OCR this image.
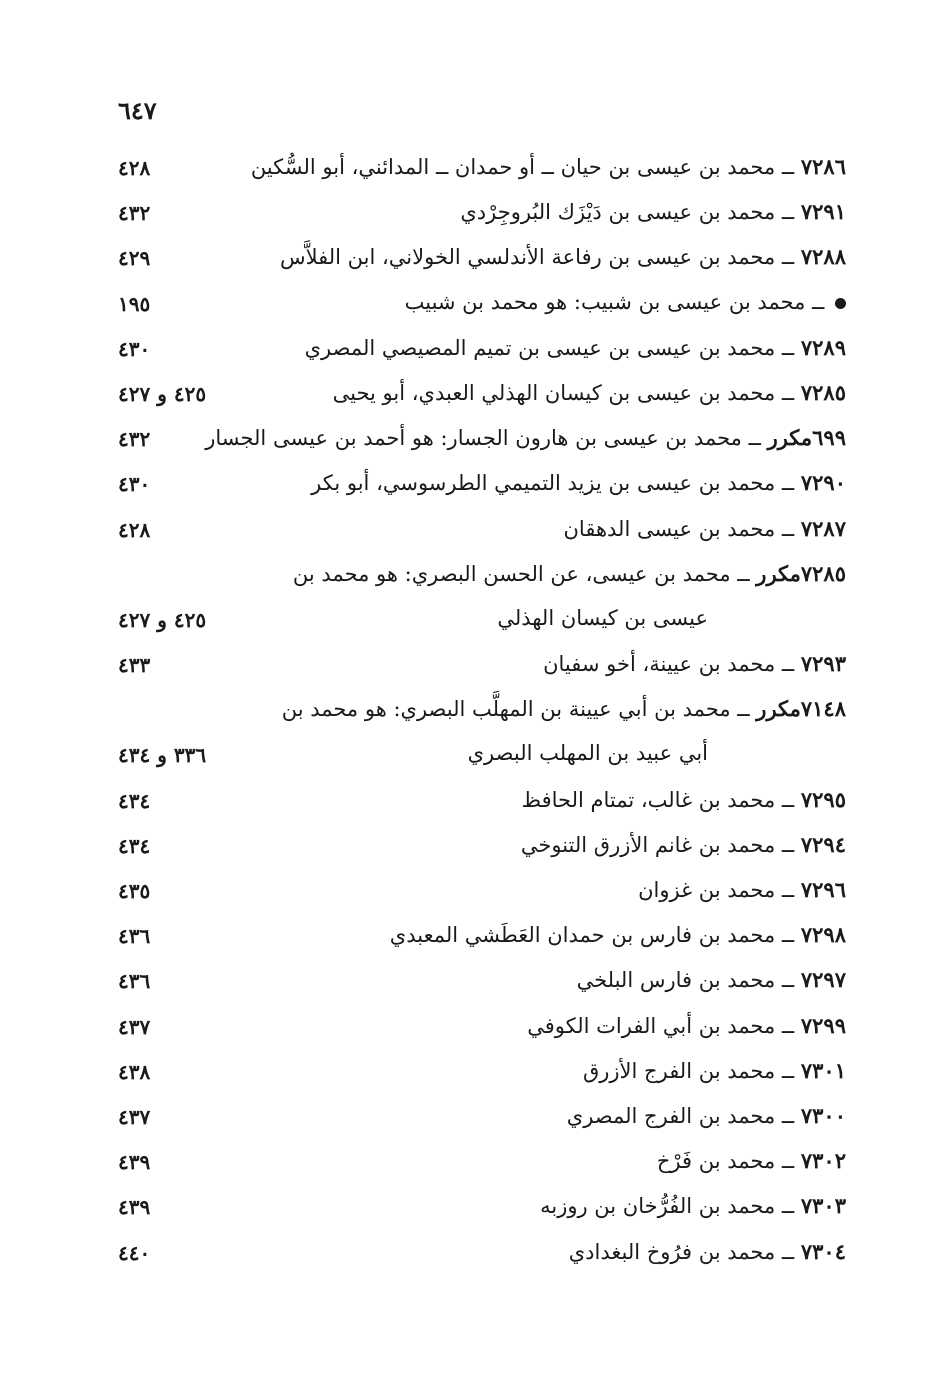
٦٤٧
٧٢٨٦ ــ محمد بن عيسى بن حيان ــ أو حمدان ــ المدائني، أبو السُّكين
٤٢٨
٧٢٩١ ــ محمد بن عيسى بن دَيْزَك البُروجِرْدي
٤٣٢
٧٢٨٨ ــ محمد بن عيسى بن رفاعة الأندلسي الخولاني، ابن الفلاَّس
٤٢٩
ــ محمد بن عيسى بن شبيب: هو محمد بن شبيب
١٩٥
٧٢٨٩ ــ محمد بن عيسى بن عيسى بن تميم المصيصي المصري
٤٣٠
٧٢٨٥ ــ محمد بن عيسى بن كيسان الهذلي العبدي، أبو يحيى
٤٢٥ و ٤٢٧
٦٩٩مكرر ــ محمد بن عيسى بن هارون الجسار: هو أحمد بن عيسى الجسار
٤٣٢
٧٢٩٠ ــ محمد بن عيسى بن يزيد التميمي الطرسوسي، أبو بكر
٤٣٠
٧٢٨٧ ــ محمد بن عيسى الدهقان
٤٢٨
٧٢٨٥مكرر ــ محمد بن عيسى، عن الحسن البصري: هو محمد بن
عيسى بن كيسان الهذلي
٤٢٥ و ٤٢٧
٧٢٩٣ ــ محمد بن عيينة، أخو سفيان
٤٣٣
٧١٤٨مكرر ــ محمد بن أبي عيينة بن المهلَّب البصري: هو محمد بن
أبي عبيد بن المهلب البصري
٣٣٦ و ٤٣٤
٧٢٩٥ ــ محمد بن غالب، تمتام الحافظ
٤٣٤
٧٢٩٤ ــ محمد بن غانم الأزرق التنوخي
٤٣٤
٧٢٩٦ ــ محمد بن غزوان
٤٣٥
٧٢٩٨ ــ محمد بن فارس بن حمدان العَطَشي المعبدي
٤٣٦
٧٢٩٧ ــ محمد بن فارس البلخي
٤٣٦
٧٢٩٩ ــ محمد بن أبي الفرات الكوفي
٤٣٧
٧٣٠١ ــ محمد بن الفرج الأزرق
٤٣٨
٧٣٠٠ ــ محمد بن الفرج المصري
٤٣٧
٧٣٠٢ ــ محمد بن فَرْخ
٤٣٩
٧٣٠٣ ــ محمد بن الفُرُّخان بن روزبه
٤٣٩
٧٣٠٤ ــ محمد بن فرُوخ البغدادي
٤٤٠
